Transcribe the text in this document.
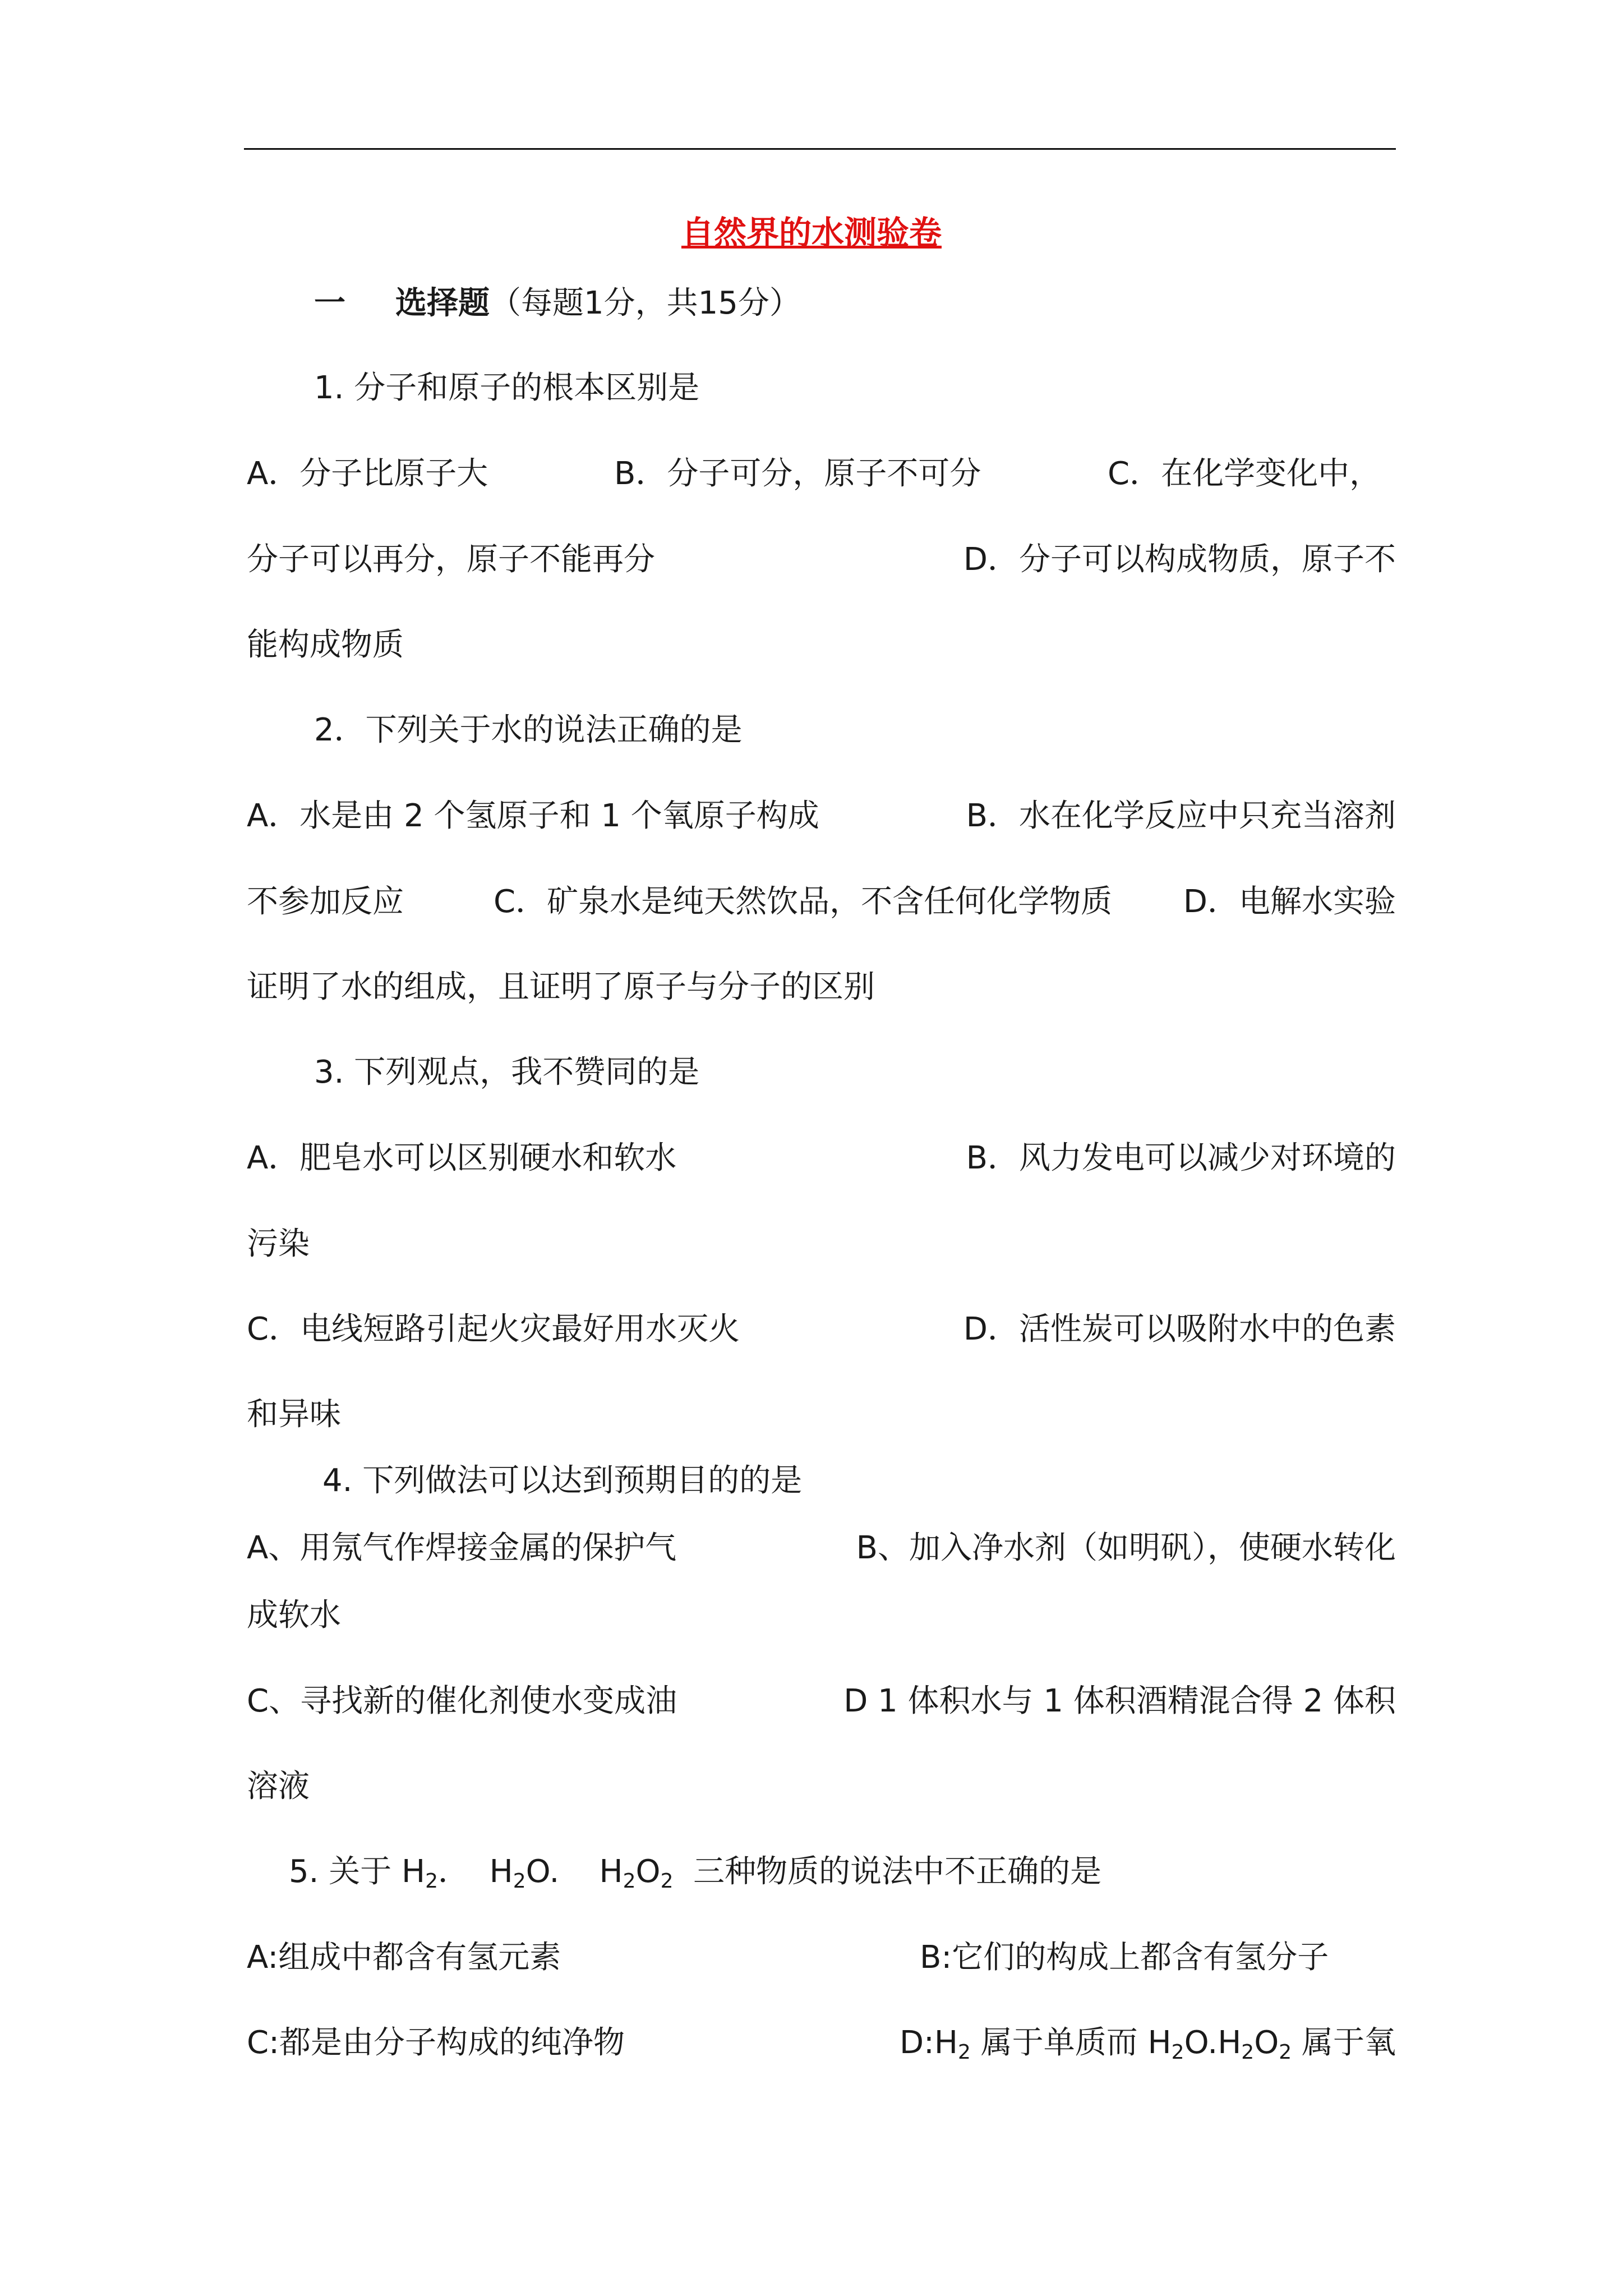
自然界的水测验卷
一 选择题（每题1分，共15分）
1. 分子和原子的根本区别是
A．分子比原子大	B．分子可分，原子不可分	C．在化学变化中，
分子可以再分，原子不能再分	D．分子可以构成物质，原子不
能构成物质
2．下列关于水的说法正确的是
A．水是由 2 个氢原子和 1 个氧原子构成	B．水在化学反应中只充当溶剂
不参加反应	C．矿泉水是纯天然饮品，不含任何化学物质 D．电解水实验
证明了水的组成，且证明了原子与分子的区别
3. 下列观点，我不赞同的是
A．肥皂水可以区别硬水和软水	B．风力发电可以减少对环境的
污染
C．电线短路引起火灾最好用水灭火	D．活性炭可以吸附水中的色素
和异味
4. 下列做法可以达到预期目的的是
A、用氖气作焊接金属的保护气	B、加入净水剂（如明矾），使硬水转化
成软水
C、寻找新的催化剂使水变成油	D 1 体积水与 1 体积酒精混合得 2 体积
溶液
5. 关于 $H_2$．  $H_2O$.    $H_2O_2$  三种物质的说法中不正确的是
A:组成中都含有氢元素	B:它们的构成上都含有氢分子
C:都是由分子构成的纯净物	$D:H_2$ 属于单质而 $H_2O.H_2O_2$ 属于氧
